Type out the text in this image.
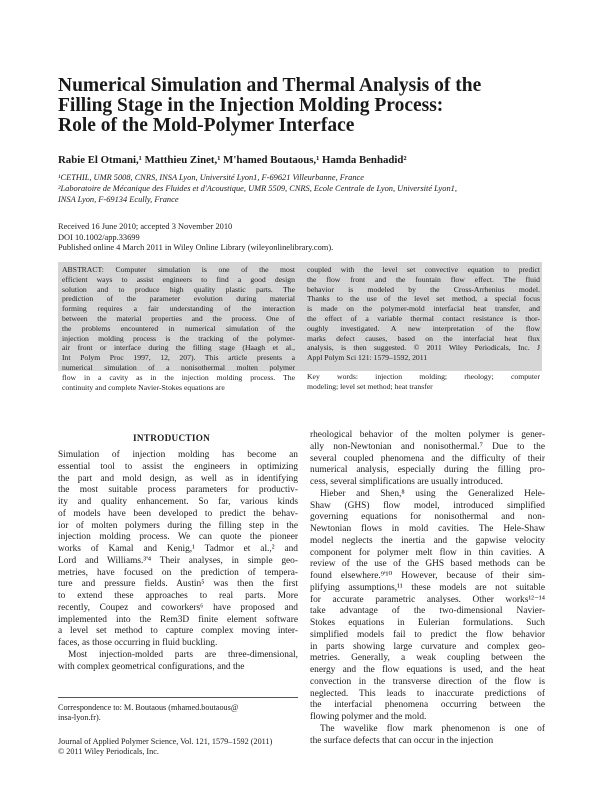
Numerical Simulation and Thermal Analysis of the
Filling Stage in the Injection Molding Process:
Role of the Mold-Polymer Interface
Rabie El Otmani,¹ Matthieu Zinet,¹ M'hamed Boutaous,¹ Hamda Benhadid²
¹CETHIL, UMR 5008, CNRS, INSA Lyon, Université Lyon1, F-69621 Villeurbanne, France
²Laboratoire de Mécanique des Fluides et d'Acoustique, UMR 5509, CNRS, Ecole Centrale de Lyon, Université Lyon1,
INSA Lyon, F-69134 Ecully, France
Received 16 June 2010; accepted 3 November 2010
DOI 10.1002/app.33699
Published online 4 March 2011 in Wiley Online Library (wileyonlinelibrary.com).
ABSTRACT: Computer simulation is one of the most
efficient ways to assist engineers to find a good design
solution and to produce high quality plastic parts. The
prediction of the parameter evolution during material
forming requires a fair understanding of the interaction
between the material properties and the process. One of
the problems encountered in numerical simulation of the
injection molding process is the tracking of the polymer-
air front or interface during the filling stage (Haagh et al.,
Int Polym Proc 1997, 12, 207). This article presents a
numerical simulation of a nonisothermal molten polymer
flow in a cavity as in the injection molding process. The
continuity and complete Navier-Stokes equations are
coupled with the level set convective equation to predict
the flow front and the fountain flow effect. The fluid
behavior is modeled by the Cross-Arrhenius model.
Thanks to the use of the level set method, a special focus
is made on the polymer-mold interfacial heat transfer, and
the effect of a variable thermal contact resistance is thor-
oughly investigated. A new interpretation of the flow
marks defect causes, based on the interfacial heat flux
analysis, is then suggested. © 2011 Wiley Periodicals, Inc. J
Appl Polym Sci 121: 1579–1592, 2011
Key words: injection molding; rheology; computer
modeling; level set method; heat transfer
INTRODUCTION
Simulation of injection molding has become an
essential tool to assist the engineers in optimizing
the part and mold design, as well as in identifying
the most suitable process parameters for productiv-
ity and quality enhancement. So far, various kinds
of models have been developed to predict the behav-
ior of molten polymers during the filling step in the
injection molding process. We can quote the pioneer
works of Kamal and Kenig,¹ Tadmor et al.,² and
Lord and Williams.³'⁴ Their analyses, in simple geo-
metries, have focused on the prediction of tempera-
ture and pressure fields. Austin⁵ was then the first
to extend these approaches to real parts. More
recently, Coupez and coworkers⁶ have proposed and
implemented into the Rem3D finite element software
a level set method to capture complex moving inter-
faces, as those occurring in fluid buckling.
Most injection-molded parts are three-dimensional,
with complex geometrical configurations, and the
rheological behavior of the molten polymer is gener-
ally non-Newtonian and nonisothermal.⁷ Due to the
several coupled phenomena and the difficulty of their
numerical analysis, especially during the filling pro-
cess, several simplifications are usually introduced.
Hieber and Shen,⁸ using the Generalized Hele-
Shaw (GHS) flow model, introduced simplified
governing equations for nonisothermal and non-
Newtonian flows in mold cavities. The Hele-Shaw
model neglects the inertia and the gapwise velocity
component for polymer melt flow in thin cavities. A
review of the use of the GHS based methods can be
found elsewhere.⁹'¹⁰ However, because of their sim-
plifying assumptions,¹¹ these models are not suitable
for accurate parametric analyses. Other works¹²⁻¹⁴
take advantage of the two-dimensional Navier-
Stokes equations in Eulerian formulations. Such
simplified models fail to predict the flow behavior
in parts showing large curvature and complex geo-
metries. Generally, a weak coupling between the
energy and the flow equations is used, and the heat
convection in the transverse direction of the flow is
neglected. This leads to inaccurate predictions of
the interfacial phenomena occurring between the
flowing polymer and the mold.
The wavelike flow mark phenomenon is one of
the surface defects that can occur in the injection
Correspondence to: M. Boutaous (mhamed.boutaous@
insa-lyon.fr).
Journal of Applied Polymer Science, Vol. 121, 1579–1592 (2011)
© 2011 Wiley Periodicals, Inc.
